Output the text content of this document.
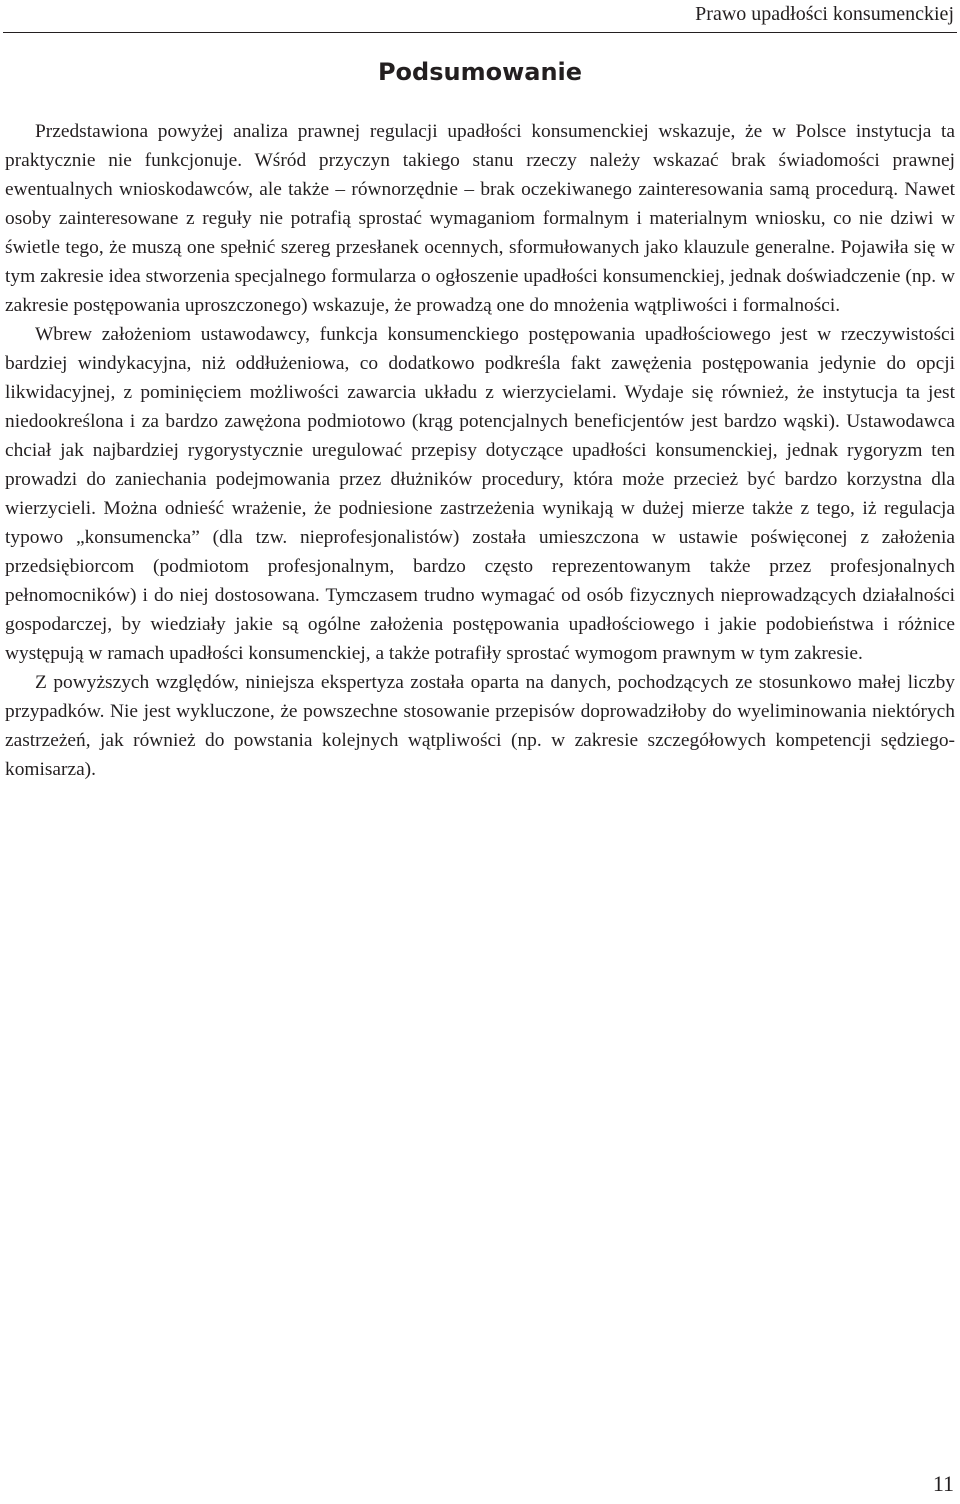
Prawo upadłości konsumenckiej
Podsumowanie

Przedstawiona powyżej analiza prawnej regulacji upadłości konsumenckiej wskazuje, że w Polsce instytucja ta praktycznie nie funkcjonuje. Wśród przyczyn takiego stanu rzeczy należy wskazać brak świadomości prawnej ewentualnych wnioskodawców, ale także – równorzędnie – brak oczekiwanego zainteresowania samą procedurą. Nawet osoby zainteresowane z reguły nie potrafią sprostać wymaganiom formalnym i materialnym wniosku, co nie dziwi w świetle tego, że muszą one spełnić szereg przesłanek ocennych, sformułowanych jako klauzule generalne. Pojawiła się w tym zakresie idea stworzenia specjalnego formularza o ogłoszenie upadłości konsumenckiej, jednak doświadczenie (np. w zakresie postępowania uproszczonego) wskazuje, że prowadzą one do mnożenia wątpliwości i formalności.

Wbrew założeniom ustawodawcy, funkcja konsumenckiego postępowania upadłościowego jest w rzeczywistości bardziej windykacyjna, niż oddłużeniowa, co dodatkowo podkreśla fakt zawężenia postępowania jedynie do opcji likwidacyjnej, z pominięciem możliwości zawarcia układu z wierzycielami. Wydaje się również, że instytucja ta jest niedookreślona i za bardzo zawężona podmiotowo (krąg potencjalnych beneficjentów jest bardzo wąski). Ustawodawca chciał jak najbardziej rygorystycznie uregulować przepisy dotyczące upadłości konsumenckiej, jednak rygoryzm ten prowadzi do zaniechania podejmowania przez dłużników procedury, która może przecież być bardzo korzystna dla wierzycieli. Można odnieść wrażenie, że podniesione zastrzeżenia wynikają w dużej mierze także z tego, iż regulacja typowo „konsumencka” (dla tzw. nieprofesjonalistów) została umieszczona w ustawie poświęconej z założenia przedsiębiorcom (podmiotom profesjonalnym, bardzo często reprezentowanym także przez profesjonalnych pełnomocników) i do niej dostosowana. Tymczasem trudno wymagać od osób fizycznych nieprowadzących działalności gospodarczej, by wiedziały jakie są ogólne założenia postępowania upadłościowego i jakie podobieństwa i różnice występują w ramach upadłości konsumenckiej, a także potrafiły sprostać wymogom prawnym w tym zakresie.

Z powyższych względów, niniejsza ekspertyza została oparta na danych, pochodzących ze stosunkowo małej liczby przypadków. Nie jest wykluczone, że powszechne stosowanie przepisów doprowadziłoby do wyeliminowania niektórych zastrzeżeń, jak również do powstania kolejnych wątpliwości (np. w zakresie szczegółowych kompetencji sędziego-komisarza).

11
